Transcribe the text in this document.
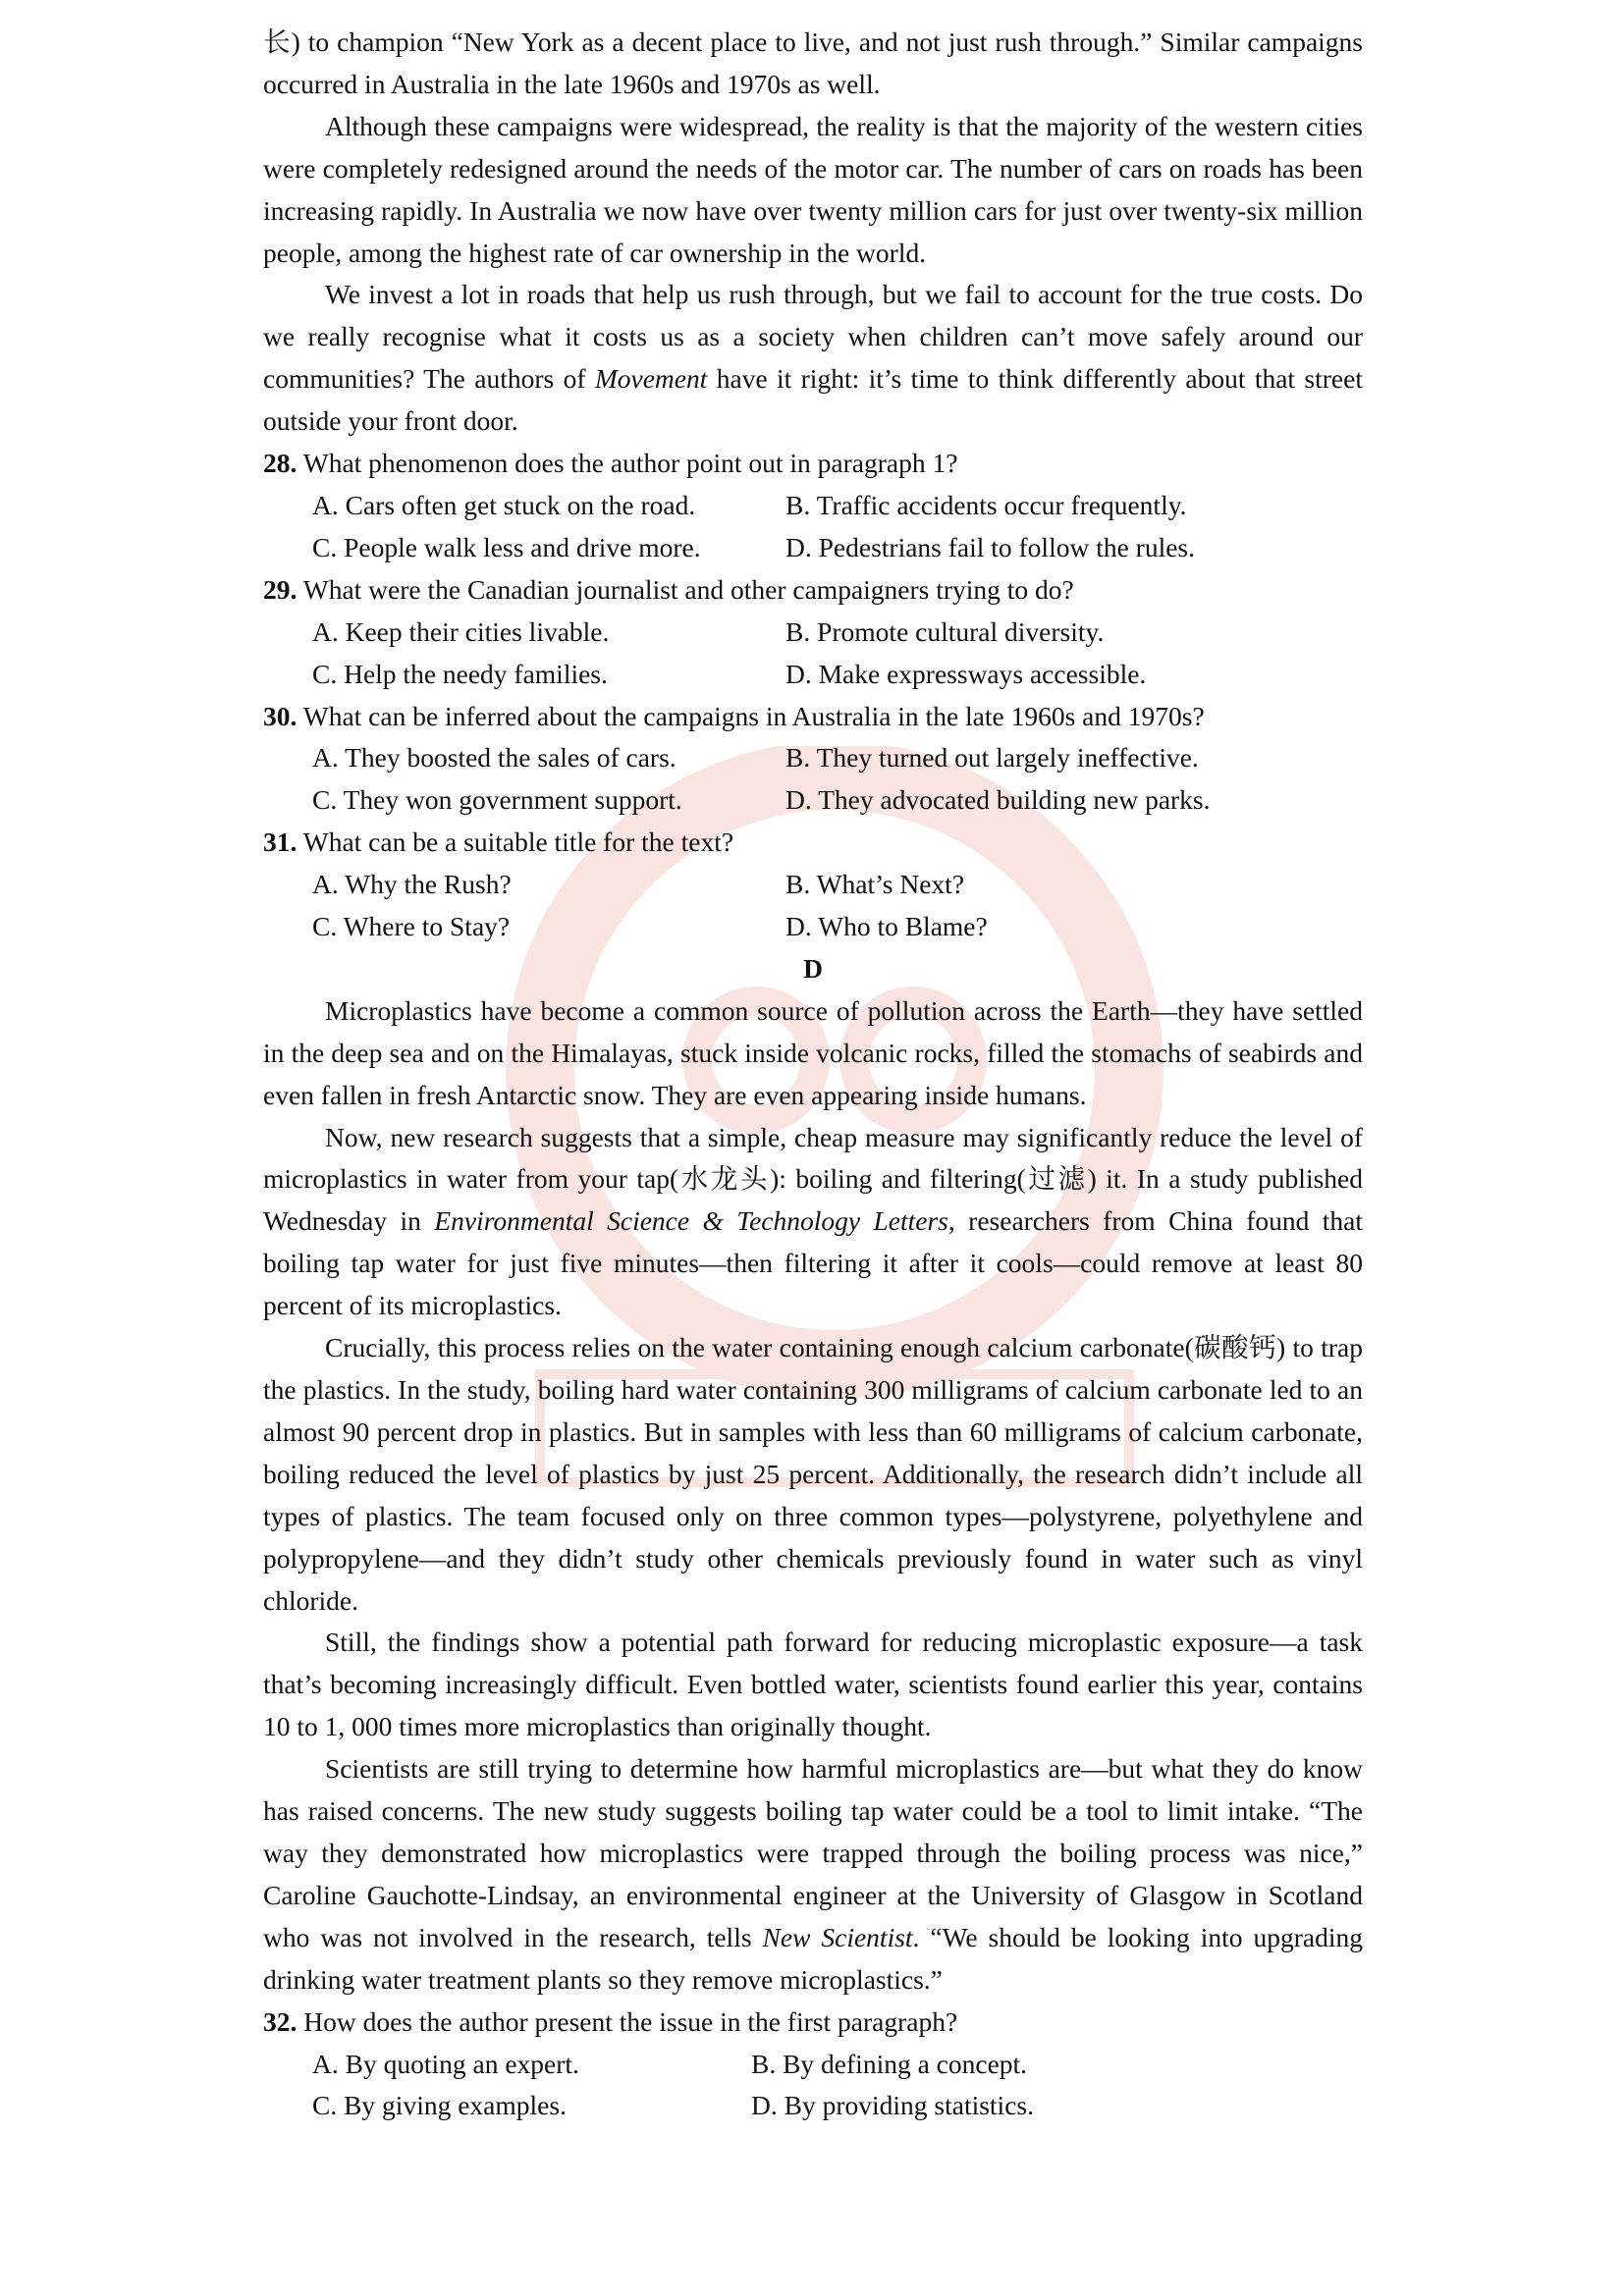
长) to champion “New York as a decent place to live, and not just rush through.” Similar campaigns occurred in Australia in the late 1960s and 1970s as well.

Although these campaigns were widespread, the reality is that the majority of the western cities were completely redesigned around the needs of the motor car. The number of cars on roads has been increasing rapidly. In Australia we now have over twenty million cars for just over twenty-six million people, among the highest rate of car ownership in the world.

We invest a lot in roads that help us rush through, but we fail to account for the true costs. Do we really recognise what it costs us as a society when children can’t move safely around our communities? The authors of Movement have it right: it’s time to think differently about that street outside your front door.

28. What phenomenon does the author point out in paragraph 1?

A. Cars often get stuck on the road.	B. Traffic accidents occur frequently.
C. People walk less and drive more.	D. Pedestrians fail to follow the rules.

29. What were the Canadian journalist and other campaigners trying to do?

A. Keep their cities livable.	B. Promote cultural diversity.
C. Help the needy families.	D. Make expressways accessible.

30. What can be inferred about the campaigns in Australia in the late 1960s and 1970s?

A. They boosted the sales of cars.	B. They turned out largely ineffective.
C. They won government support.	D. They advocated building new parks.

31. What can be a suitable title for the text?

A. Why the Rush?	B. What’s Next?
C. Where to Stay?	D. Who to Blame?

D

Microplastics have become a common source of pollution across the Earth—they have settled in the deep sea and on the Himalayas, stuck inside volcanic rocks, filled the stomachs of seabirds and even fallen in fresh Antarctic snow. They are even appearing inside humans.

Now, new research suggests that a simple, cheap measure may significantly reduce the level of microplastics in water from your tap(水龙头): boiling and filtering(过滤) it. In a study published Wednesday in Environmental Science & Technology Letters, researchers from China found that boiling tap water for just five minutes—then filtering it after it cools—could remove at least 80 percent of its microplastics.

Crucially, this process relies on the water containing enough calcium carbonate(碳酸钙) to trap the plastics. In the study, boiling hard water containing 300 milligrams of calcium carbonate led to an almost 90 percent drop in plastics. But in samples with less than 60 milligrams of calcium carbonate, boiling reduced the level of plastics by just 25 percent. Additionally, the research didn’t include all types of plastics. The team focused only on three common types—polystyrene, polyethylene and polypropylene—and they didn’t study other chemicals previously found in water such as vinyl chloride.

Still, the findings show a potential path forward for reducing microplastic exposure—a task that’s becoming increasingly difficult. Even bottled water, scientists found earlier this year, contains 10 to 1, 000 times more microplastics than originally thought.

Scientists are still trying to determine how harmful microplastics are—but what they do know has raised concerns. The new study suggests boiling tap water could be a tool to limit intake. “The way they demonstrated how microplastics were trapped through the boiling process was nice,” Caroline Gauchotte-Lindsay, an environmental engineer at the University of Glasgow in Scotland who was not involved in the research, tells New Scientist. “We should be looking into upgrading drinking water treatment plants so they remove microplastics.”

32. How does the author present the issue in the first paragraph?

A. By quoting an expert.	B. By defining a concept.
C. By giving examples.	D. By providing statistics.
